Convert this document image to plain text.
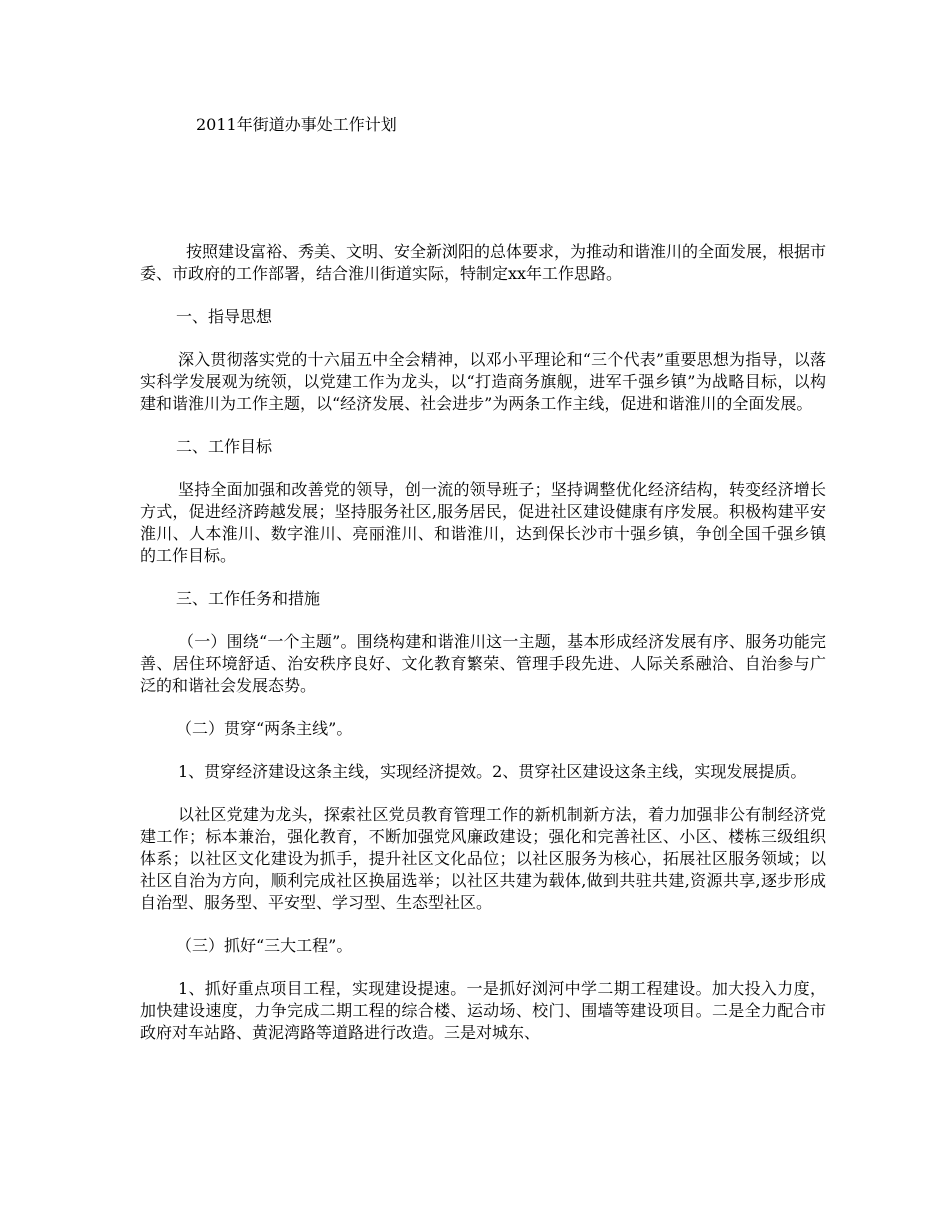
2011年街道办事处工作计划

按照建设富裕、秀美、文明、安全新浏阳的总体要求，为推动和谐淮川的全面发展，根据市委、市政府的工作部署，结合淮川街道实际，特制定xx年工作思路。

一、指导思想

深入贯彻落实党的十六届五中全会精神，以邓小平理论和“三个代表”重要思想为指导，以落实科学发展观为统领，以党建工作为龙头，以“打造商务旗舰，进军千强乡镇”为战略目标，以构建和谐淮川为工作主题，以“经济发展、社会进步”为两条工作主线，促进和谐淮川的全面发展。

二、工作目标

坚持全面加强和改善党的领导，创一流的领导班子；坚持调整优化经济结构，转变经济增长方式，促进经济跨越发展；坚持服务社区,服务居民，促进社区建设健康有序发展。积极构建平安淮川、人本淮川、数字淮川、亮丽淮川、和谐淮川，达到保长沙市十强乡镇，争创全国千强乡镇的工作目标。

三、工作任务和措施

（一）围绕“一个主题”。围绕构建和谐淮川这一主题，基本形成经济发展有序、服务功能完善、居住环境舒适、治安秩序良好、文化教育繁荣、管理手段先进、人际关系融洽、自治参与广泛的和谐社会发展态势。

（二）贯穿“两条主线”。

1、贯穿经济建设这条主线，实现经济提效。2、贯穿社区建设这条主线，实现发展提质。

以社区党建为龙头，探索社区党员教育管理工作的新机制新方法，着力加强非公有制经济党建工作；标本兼治，强化教育，不断加强党风廉政建设；强化和完善社区、小区、楼栋三级组织体系；以社区文化建设为抓手，提升社区文化品位；以社区服务为核心，拓展社区服务领域；以社区自治为方向，顺利完成社区换届选举；以社区共建为载体,做到共驻共建,资源共享,逐步形成自治型、服务型、平安型、学习型、生态型社区。

（三）抓好“三大工程”。

1、抓好重点项目工程，实现建设提速。一是抓好浏河中学二期工程建设。加大投入力度，加快建设速度，力争完成二期工程的综合楼、运动场、校门、围墙等建设项目。二是全力配合市政府对车站路、黄泥湾路等道路进行改造。三是对城东、
